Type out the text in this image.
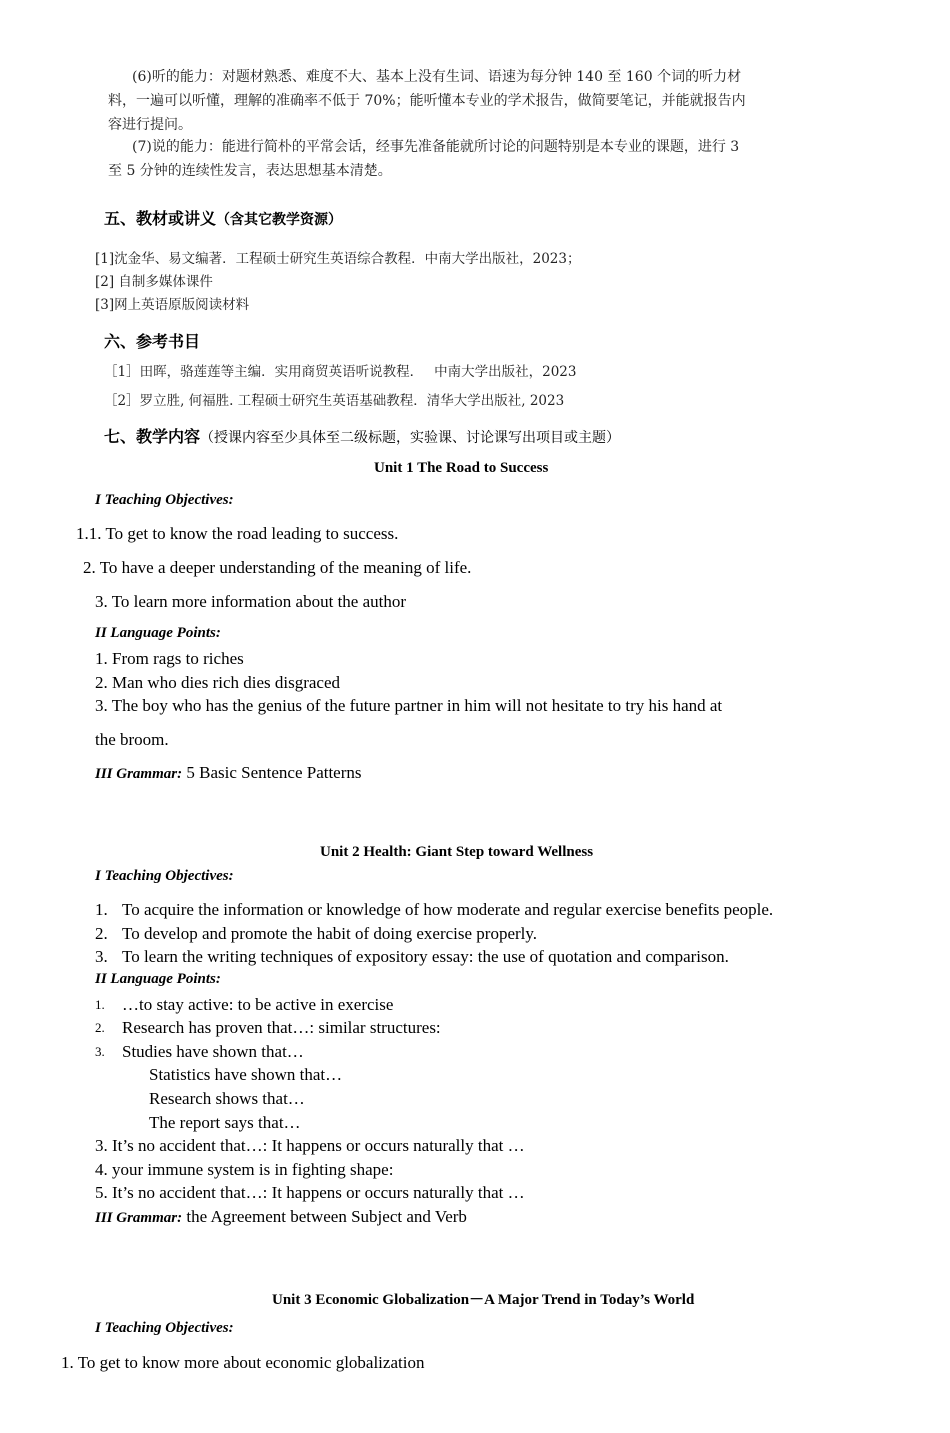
(6)听的能力：对题材熟悉、难度不大、基本上没有生词、语速为每分钟 140 至 160 个词的听力材
料，一遍可以听懂，理解的准确率不低于 70%；能听懂本专业的学术报告，做简要笔记，并能就报告内
容进行提问。
(7)说的能力：能进行简朴的平常会话，经事先准备能就所讨论的问题特别是本专业的课题，进行 3
至 5 分钟的连续性发言，表达思想基本清楚。
五、教材或讲义（含其它教学资源）
[1]沈金华、易文编著．工程硕士研究生英语综合教程．中南大学出版社，2023；
[2] 自制多媒体课件
[3]网上英语原版阅读材料
六、参考书目
［1］田晖，骆莲莲等主编．实用商贸英语听说教程．　 中南大学出版社，2023
［2］罗立胜, 何福胜. 工程硕士研究生英语基础教程．清华大学出版社, 2023
七、教学内容（授课内容至少具体至二级标题，实验课、讨论课写出项目或主题）
Unit 1 The Road to Success
I Teaching Objectives:
1.1. To get to know the road leading to success.
2. To have a deeper understanding of the meaning of life.
3. To learn more information about the author
II Language Points:
1. From rags to riches
2. Man who dies rich dies disgraced
3. The boy who has the genius of the future partner in him will not hesitate to try his hand at
the broom.
III Grammar: 5 Basic Sentence Patterns
Unit 2 Health: Giant Step toward Wellness
I Teaching Objectives:
1. To acquire the information or knowledge of how moderate and regular exercise benefits people.
2. To develop and promote the habit of doing exercise properly.
3. To learn the writing techniques of expository essay: the use of quotation and comparison.
II Language Points:
1. …to stay active: to be active in exercise
2. Research has proven that…: similar structures:
3. Studies have shown that…
Statistics have shown that…
Research shows that…
The report says that…
3. It’s no accident that…: It happens or occurs naturally that …
4. your immune system is in fighting shape:
5. It’s no accident that…: It happens or occurs naturally that …
III Grammar: the Agreement between Subject and Verb
Unit 3 Economic Globalization－A Major Trend in Today’s World
I Teaching Objectives:
1. To get to know more about economic globalization
